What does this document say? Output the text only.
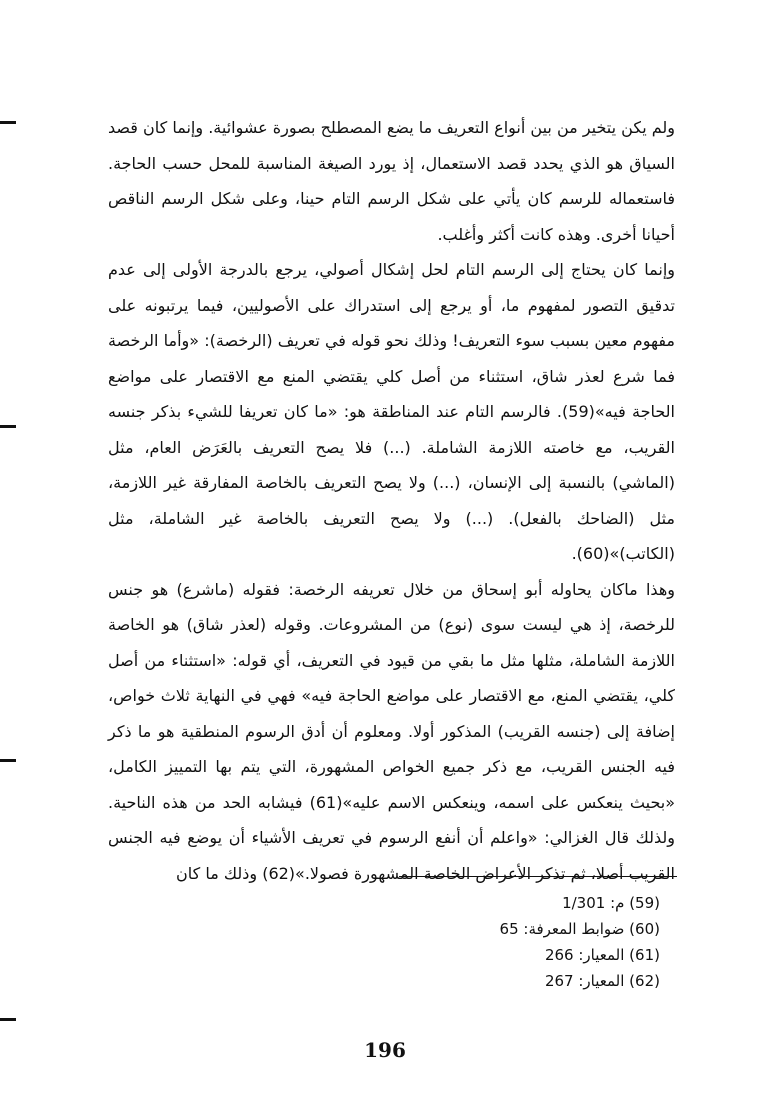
ولم يكن يتخير من بين أنواع التعريف ما يضع المصطلح بصورة عشوائية. وإنما كان قصد السياق هو الذي يحدد قصد الاستعمال، إذ يورد الصيغة المناسبة للمحل حسب الحاجة. فاستعماله للرسم كان يأتي على شكل الرسم التام حينا، وعلى شكل الرسم الناقص أحيانا أخرى. وهذه كانت أكثر وأغلب.

وإنما كان يحتاج إلى الرسم التام لحل إشكال أصولي، يرجع بالدرجة الأولى إلى عدم تدقيق التصور لمفهوم ما، أو يرجع إلى استدراك على الأصوليين، فيما يرتبونه على مفهوم معين بسبب سوء التعريف! وذلك نحو قوله في تعريف (الرخصة): «وأما الرخصة فما شرع لعذر شاق، استثناء من أصل كلي يقتضي المنع مع الاقتصار على مواضع الحاجة فيه»(59). فالرسم التام عند المناطقة هو: «ما كان تعريفا للشيء بذكر جنسه القريب، مع خاصته اللازمة الشاملة. (...) فلا يصح التعريف بالعَرَض العام، مثل (الماشي) بالنسبة إلى الإنسان، (...) ولا يصح التعريف بالخاصة المفارقة غير اللازمة، مثل (الضاحك بالفعل). (...) ولا يصح التعريف بالخاصة غير الشاملة، مثل (الكاتب)»(60).

وهذا ماكان يحاوله أبو إسحاق من خلال تعريفه الرخصة: فقوله (ماشرع) هو جنس للرخصة، إذ هي ليست سوى (نوع) من المشروعات. وقوله (لعذر شاق) هو الخاصة اللازمة الشاملة، مثلها مثل ما بقي من قيود في التعريف، أي قوله: «استثناء من أصل كلي، يقتضي المنع، مع الاقتصار على مواضع الحاجة فيه» فهي في النهاية ثلاث خواص، إضافة إلى (جنسه القريب) المذكور أولا. ومعلوم أن أدق الرسوم المنطقية هو ما ذكر فيه الجنس القريب، مع ذكر جميع الخواص المشهورة، التي يتم بها التمييز الكامل، «بحيث ينعكس على اسمه، وينعكس الاسم عليه»(61) فيشابه الحد من هذه الناحية. ولذلك قال الغزالي: «واعلم أن أنفع الرسوم في تعريف الأشياء أن يوضع فيه الجنس القريب أصلا، ثم تذكر الأعراض الخاصة المشهورة فصولا.»(62) وذلك ما كان

(59) م: 1/301

(60) ضوابط المعرفة: 65

(61) المعيار: 266

(62) المعيار: 267

196
